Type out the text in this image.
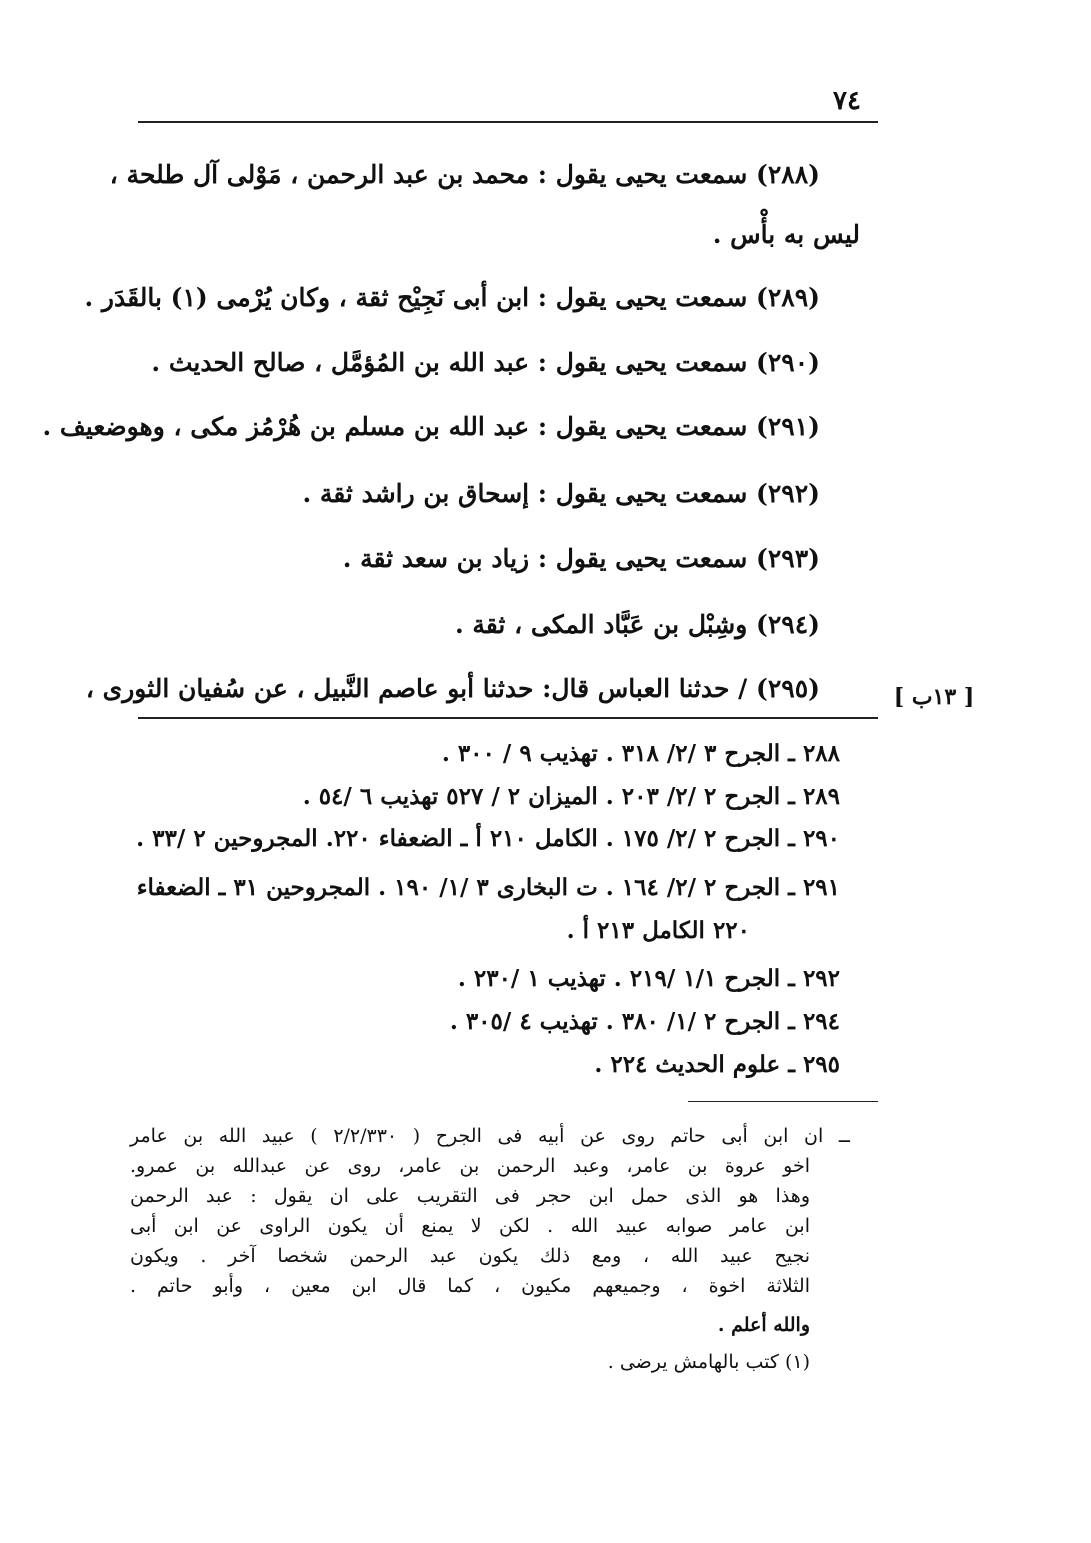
٧٤
(٢٨٨) سمعت يحيى يقول : محمد بن عبد الرحمن ، مَوْلى آل طلحة ،
ليس به بأْس .
(٢٨٩) سمعت يحيى يقول : ابن أبى نَجِيْح ثقة ، وكان يُرْمى (١) بالقَدَر .
(٢٩٠) سمعت يحيى يقول : عبد الله بن المُؤمَّل ، صالح الحديث .
(٢٩١) سمعت يحيى يقول : عبد الله بن مسلم بن هُرْمُز مكى ، وهوضعيف .
(٢٩٢) سمعت يحيى يقول : إسحاق بن راشد ثقة .
(٢٩٣) سمعت يحيى يقول : زياد بن سعد ثقة .
(٢٩٤) وشِبْل بن عَبَّاد المكى ، ثقة .
(٢٩٥) / حدثنا العباس قال: حدثنا أبو عاصم النَّبيل ، عن سُفيان الثورى ،	[ ١٣ب ]
٢٨٨ ـ الجرح ٣ /٢/ ٣١٨ . تهذيب ٩ / ٣٠٠ .
٢٨٩ ـ الجرح ٢ /٢/ ٢٠٣ . الميزان ٢ / ٥٢٧ تهذيب ٦ /٥٤ .
٢٩٠ ـ الجرح ٢ /٢/ ١٧٥ . الكامل ٢١٠ أ ـ الضعفاء ٢٢٠. المجروحين ٢ /٣٣ .
٢٩١ ـ الجرح ٢ /٢/ ١٦٤ . ت البخارى ٣ /١/ ١٩٠ . المجروحين ٣١ ـ الضعفاء
٢٢٠ الكامل ٢١٣ أ .
٢٩٢ ـ الجرح ١/١ /٢١٩ . تهذيب ١ /٢٣٠ .
٢٩٤ ـ الجرح ٢ /١/ ٣٨٠ . تهذيب ٤ /٣٠٥ .
٢٩٥ ـ علوم الحديث ٢٢٤ .
ــ ان ابن أبى حاتم روى عن أبيه فى الجرح ( ٢/٢/٣٣٠ ) عبيد الله بن عامر
اخو عروة بن عامر، وعبد الرحمن بن عامر، روى عن عبدالله بن عمرو.
وهذا هو الذى حمل ابن حجر فى التقريب على ان يقول : عبد الرحمن
ابن عامر صوابه عبيد الله . لكن لا يمنع أن يكون الراوى عن ابن أبى
نجيح عبيد الله ، ومع ذلك يكون عبد الرحمن شخصا آخر . ويكون
الثلاثة اخوة ، وجميعهم مكيون ، كما قال ابن معين ، وأبو حاتم .
والله أعلم .
(١) كتب بالهامش يرضى .
